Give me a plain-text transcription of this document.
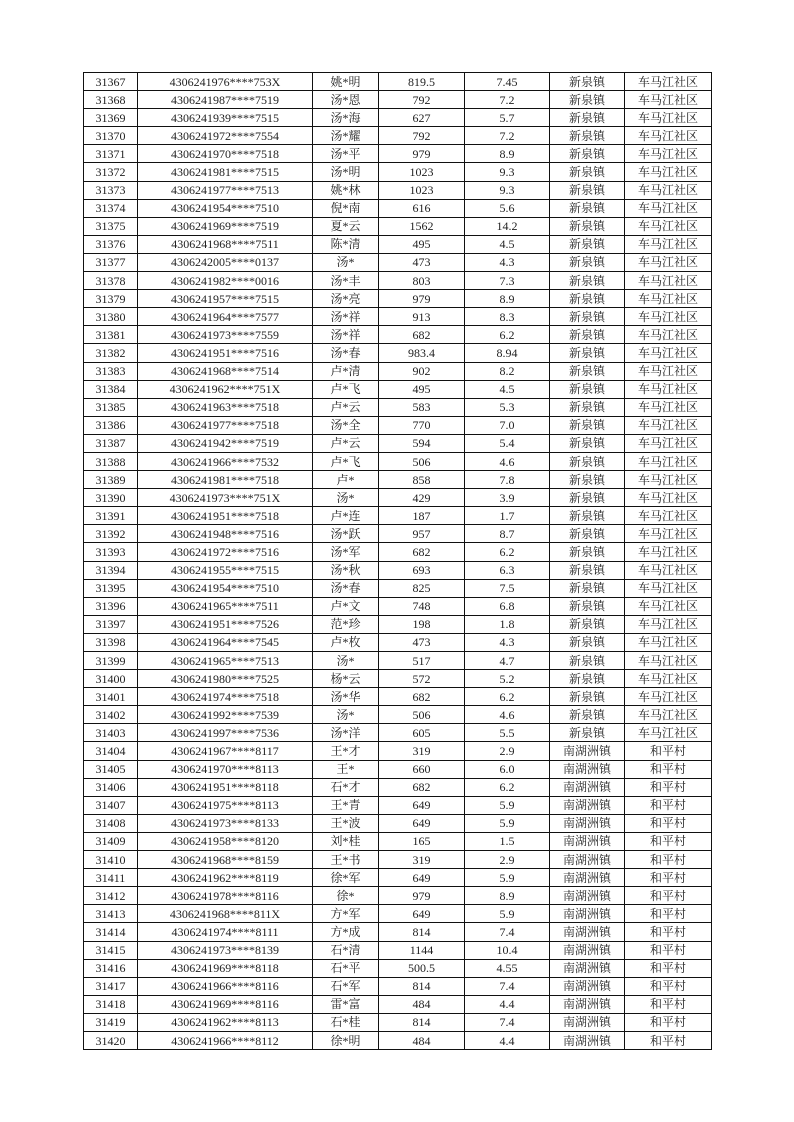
31367	4306241976****753X	姚*明	819.5	7.45	新泉镇	车马江社区
31368	4306241987****7519	汤*恩	792	7.2	新泉镇	车马江社区
31369	4306241939****7515	汤*海	627	5.7	新泉镇	车马江社区
31370	4306241972****7554	汤*耀	792	7.2	新泉镇	车马江社区
31371	4306241970****7518	汤*平	979	8.9	新泉镇	车马江社区
31372	4306241981****7515	汤*明	1023	9.3	新泉镇	车马江社区
31373	4306241977****7513	姚*林	1023	9.3	新泉镇	车马江社区
31374	4306241954****7510	倪*南	616	5.6	新泉镇	车马江社区
31375	4306241969****7519	夏*云	1562	14.2	新泉镇	车马江社区
31376	4306241968****7511	陈*清	495	4.5	新泉镇	车马江社区
31377	4306242005****0137	汤*	473	4.3	新泉镇	车马江社区
31378	4306241982****0016	汤*丰	803	7.3	新泉镇	车马江社区
31379	4306241957****7515	汤*亮	979	8.9	新泉镇	车马江社区
31380	4306241964****7577	汤*祥	913	8.3	新泉镇	车马江社区
31381	4306241973****7559	汤*祥	682	6.2	新泉镇	车马江社区
31382	4306241951****7516	汤*春	983.4	8.94	新泉镇	车马江社区
31383	4306241968****7514	卢*清	902	8.2	新泉镇	车马江社区
31384	4306241962****751X	卢*飞	495	4.5	新泉镇	车马江社区
31385	4306241963****7518	卢*云	583	5.3	新泉镇	车马江社区
31386	4306241977****7518	汤*全	770	7.0	新泉镇	车马江社区
31387	4306241942****7519	卢*云	594	5.4	新泉镇	车马江社区
31388	4306241966****7532	卢*飞	506	4.6	新泉镇	车马江社区
31389	4306241981****7518	卢*	858	7.8	新泉镇	车马江社区
31390	4306241973****751X	汤*	429	3.9	新泉镇	车马江社区
31391	4306241951****7518	卢*连	187	1.7	新泉镇	车马江社区
31392	4306241948****7516	汤*跃	957	8.7	新泉镇	车马江社区
31393	4306241972****7516	汤*军	682	6.2	新泉镇	车马江社区
31394	4306241955****7515	汤*秋	693	6.3	新泉镇	车马江社区
31395	4306241954****7510	汤*春	825	7.5	新泉镇	车马江社区
31396	4306241965****7511	卢*文	748	6.8	新泉镇	车马江社区
31397	4306241951****7526	范*珍	198	1.8	新泉镇	车马江社区
31398	4306241964****7545	卢*枚	473	4.3	新泉镇	车马江社区
31399	4306241965****7513	汤*	517	4.7	新泉镇	车马江社区
31400	4306241980****7525	杨*云	572	5.2	新泉镇	车马江社区
31401	4306241974****7518	汤*华	682	6.2	新泉镇	车马江社区
31402	4306241992****7539	汤*	506	4.6	新泉镇	车马江社区
31403	4306241997****7536	汤*洋	605	5.5	新泉镇	车马江社区
31404	4306241967****8117	王*才	319	2.9	南湖洲镇	和平村
31405	4306241970****8113	王*	660	6.0	南湖洲镇	和平村
31406	4306241951****8118	石*才	682	6.2	南湖洲镇	和平村
31407	4306241975****8113	王*青	649	5.9	南湖洲镇	和平村
31408	4306241973****8133	王*波	649	5.9	南湖洲镇	和平村
31409	4306241958****8120	刘*桂	165	1.5	南湖洲镇	和平村
31410	4306241968****8159	王*书	319	2.9	南湖洲镇	和平村
31411	4306241962****8119	徐*军	649	5.9	南湖洲镇	和平村
31412	4306241978****8116	徐*	979	8.9	南湖洲镇	和平村
31413	4306241968****811X	方*军	649	5.9	南湖洲镇	和平村
31414	4306241974****8111	方*成	814	7.4	南湖洲镇	和平村
31415	4306241973****8139	石*清	1144	10.4	南湖洲镇	和平村
31416	4306241969****8118	石*平	500.5	4.55	南湖洲镇	和平村
31417	4306241966****8116	石*军	814	7.4	南湖洲镇	和平村
31418	4306241969****8116	雷*富	484	4.4	南湖洲镇	和平村
31419	4306241962****8113	石*桂	814	7.4	南湖洲镇	和平村
31420	4306241966****8112	徐*明	484	4.4	南湖洲镇	和平村
